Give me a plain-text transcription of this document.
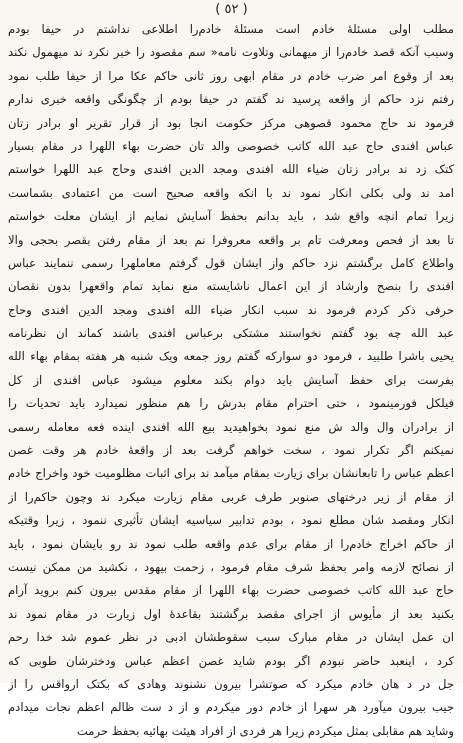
( ٥٢ )
مطلب اولی مسئلهٔ خادم است مسئلهٔ خادم‌را اطلاعی نداشتم در حیفا بودم
وسبب آنکه قصد خادم‌را از میهمانی وتلاوت نامه« سم مقصود را خبر نکرد ند میهمول نکند
بعد از وقوع امر ضرب خادم در مقام ابهی روز ثانی حاکم عکا مرا از حیفا طلب نمود
رفتم نزد حاکم از واقعه پرسید ند گفتم در حیفا بودم از چگونگی واقعه خبری ندارم
فرمود ند حاج محمود قصوهی مرکز حکومت انجا بود از قرار تقریر او برادر زتان
عباس افندی حاج عبد الله کاتب خصوصی والد تان حضرت بهاء اللهرا در مقام بسیار
کتک زد ند برادر زتان ضیاء الله افندی ومجد الدین افندی وحاج عبد اللهرا خواستم
امد ند ولی بکلی انکار نمود ند با انکه واقعه صحیح است من اعتمادی بشماست
زیرا تمام انچه واقع شد ، باید بدانم بحفظ آسایش نمایم از ایشان معلت خواستم
تا بعد از فحص ومعرفت تام بر واقعه معروفرا نم بعد از مقام رفتن بقصر بحجی والا
واطلاع کامل برگشتم نزد حاکم واز ایشان قول گرفتم معاملهرا رسمی ننمایند عباس
افندی را بنصح وارشاد از این اعمال ناشایسته منع نماید تمام واقعهرا بدون نقصان
حرفی ذکر کردم فرمود ند سبب انکار ضیاء الله افندی ومجد الدین افندی وحاج
عبد الله چه بود گفتم نخواستند مشتکی برعباس افندی باشند کماند ان نظرنامه
یحیی باشرا طلبید ، فرمود دو سوارکه گفتم روز جمعه ویک شنبه هر هفته بمقام بهاء الله
بفرست برای حفظ آسایش باید دوام بکند معلوم میشود عباس افندی از کل
فیلکل فورمینمود ، حتی احترام مقام بدرش را هم منظور نمیدارد باید تحدیات را
از برادران وال والد ش منع نمود بخواهیدید بیع الله افندی اینده فعه معامله رسمی
نمیکنم اگر تکرار نمود ، سخت خواهم گرفت بعد از واقعهٔ خادم هر وقت غصن
اعظم عباس را تابعانشان برای زیارت بمقام میآمد ند برای اثبات مظلومیت خود واخراج خادم
از مقام از زیر درختهای صنوبر طرف غربی مقام زیارت میکرد ند وچون حاکم‌را از
انکار ومقصد شان مطلع نمود ، بودم تدابیر سیاسیه ایشان تأثیری ننمود ، زیرا وقتیکه
از حاکم اخراج خادم‌را از مقام برای عدم واقعه طلب نمود ند رو بایشان نمود ، باید
از نصائح لازمه وامر بحفظ شرف مقام فرمود ، زحمت بیهود ، نکشید من ممکن نیست
حاج عبد الله کاتب خصوصی حضرت بهاء اللهرا از مقام مقدس بیرون کنم بروید آرام
بکنید بعد از مأیوس از اجرای مقصد برگشتند بقاعدهٔ اول زیارت در مقام نمود ند
ان عمل ایشان در مقام مبارک سبب سقوطشان ادبی در نظر عموم شد خدا رحم
کرد ، اینعبد حاضر نبودم اگر بودم شاید غصن اعظم عباس ودخترشان طوبی که
جل در د هان خادم میکرد که صوتشرا بیرون نشنوند وهادی که بکتک ارواقس را از
جیب بیرون میآورد هر سهرا از خادم دور میکردم و از د ست ظالم اعظم نجات میدادم
وشاید هم مقابلی بمثل میکردم زیرا هر فردی از افراد هیئت بهائیه بحفظ حرمت
